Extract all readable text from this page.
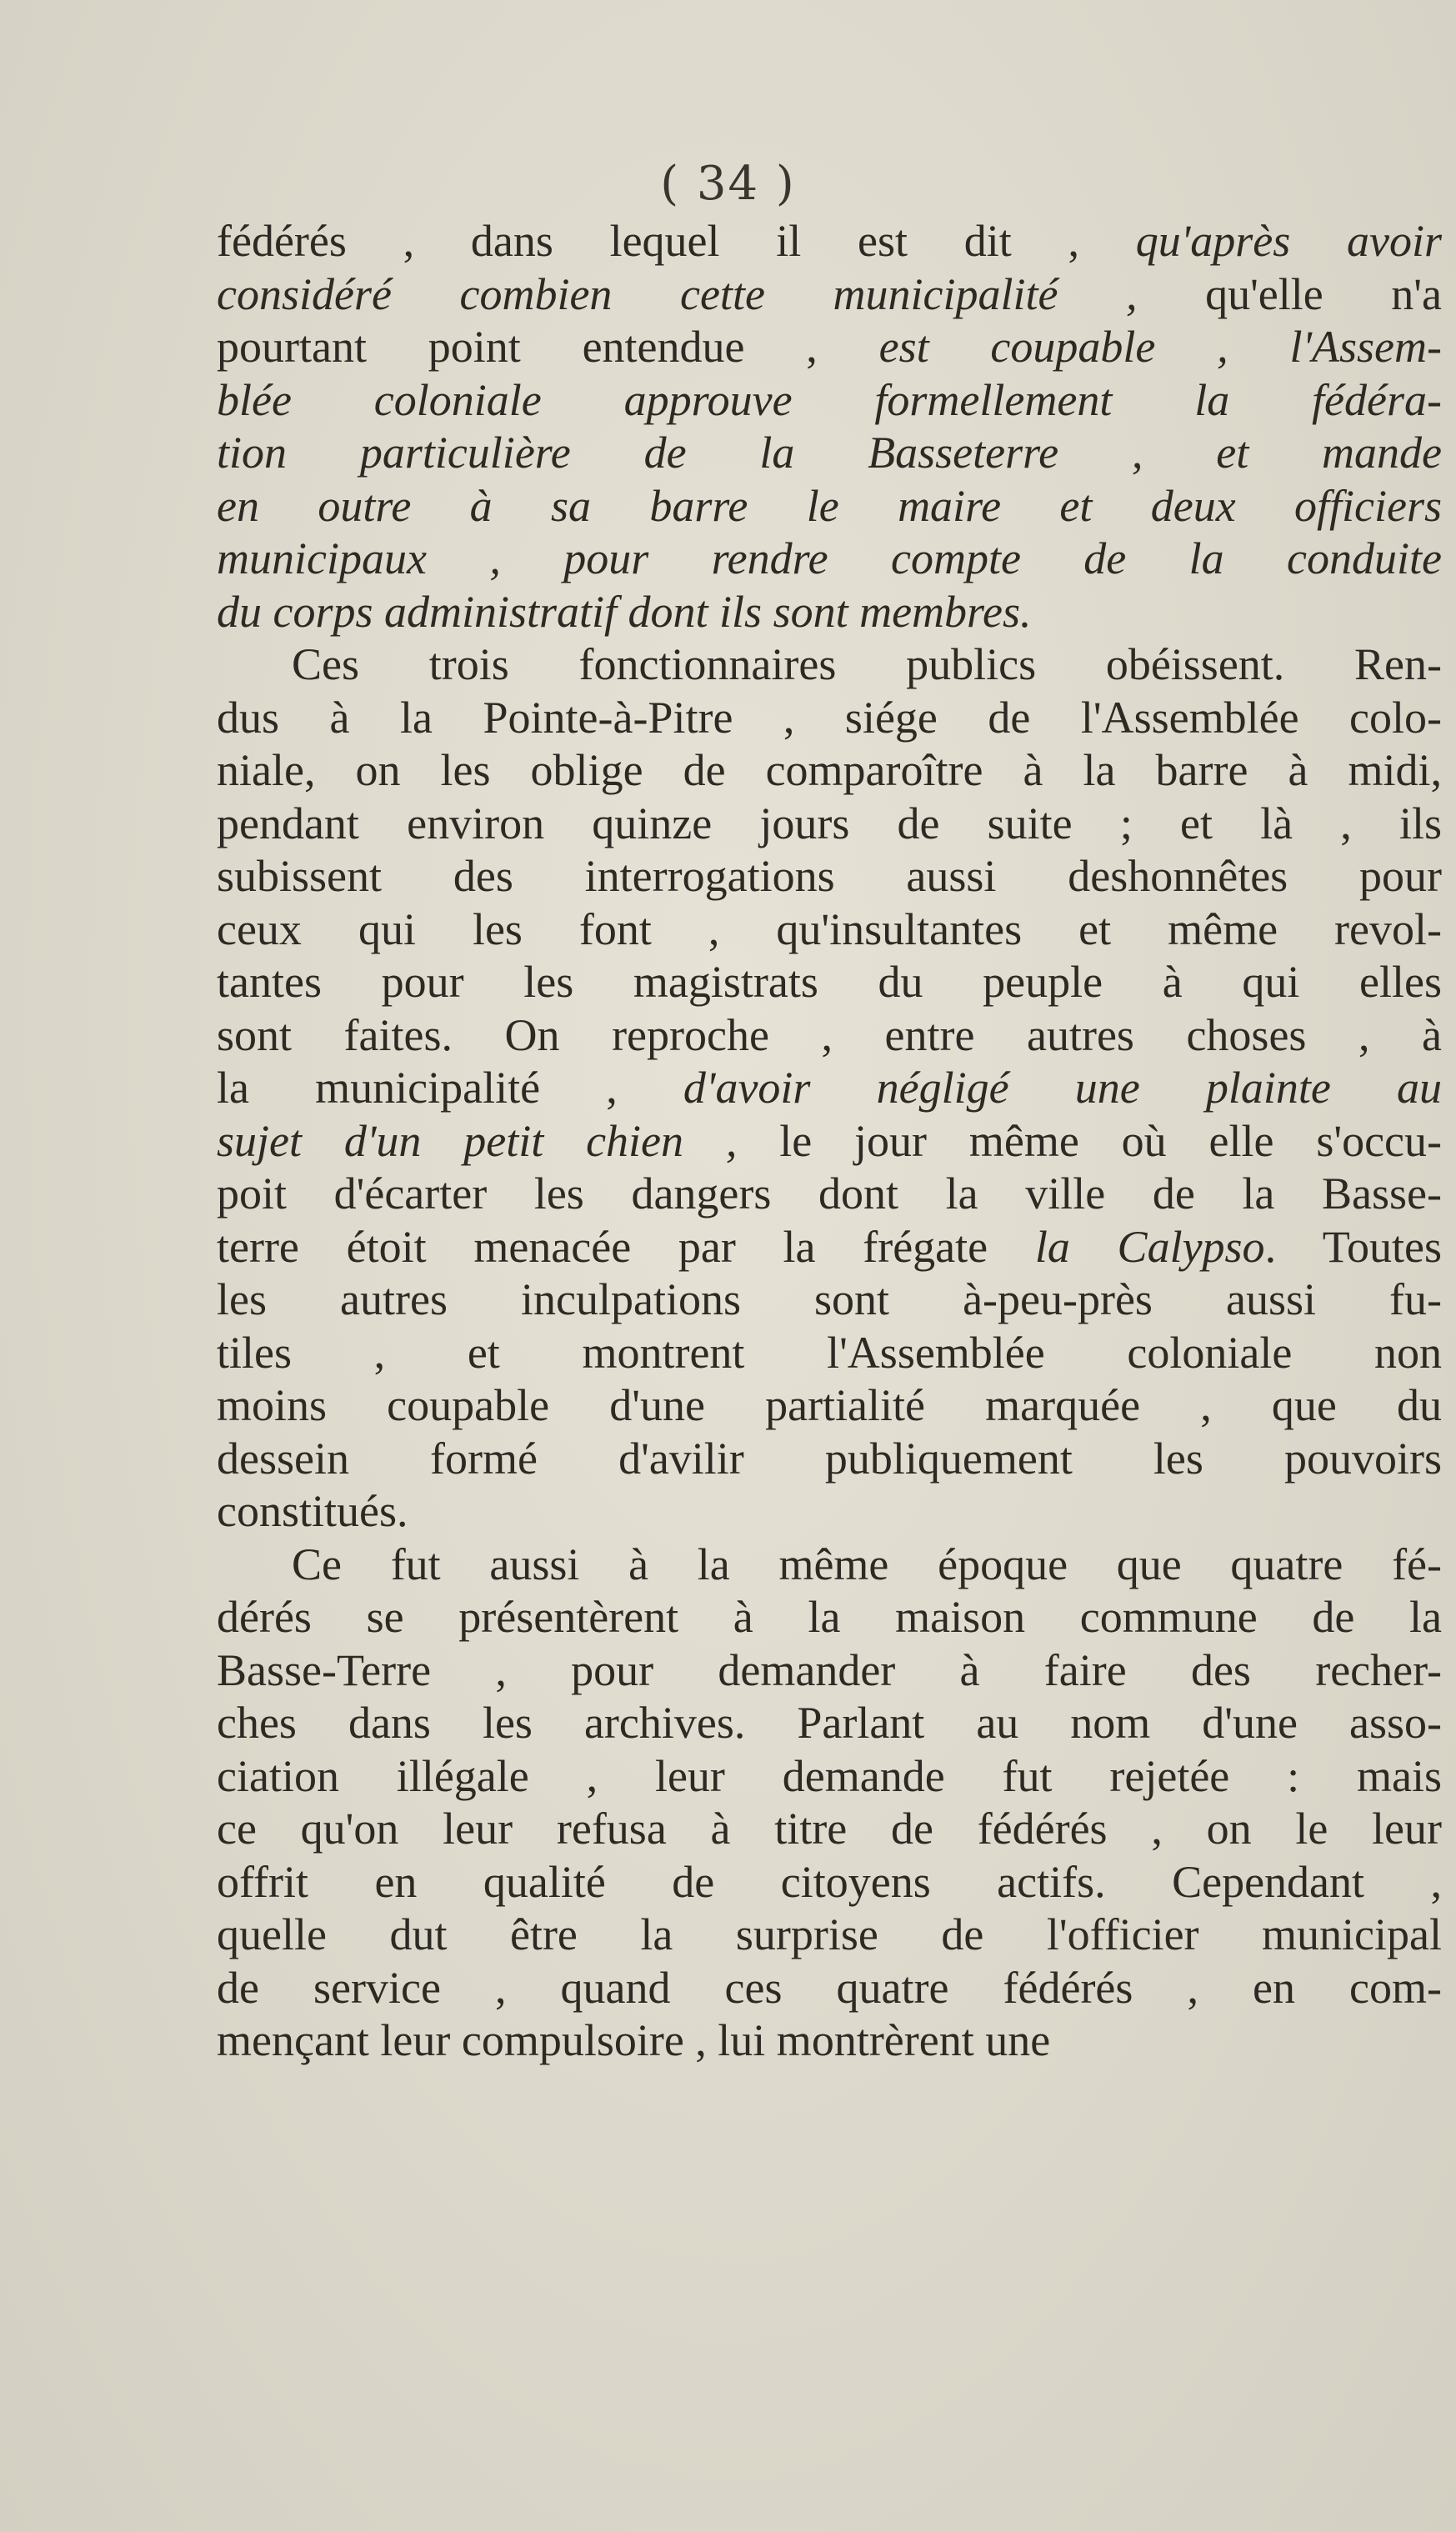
( 34 )
fédérés , dans lequel il est dit , qu'après avoir
considéré combien cette municipalité , qu'elle n'a
pourtant point entendue , est coupable , l'Assem-
blée coloniale approuve formellement la fédéra-
tion particulière de la Basseterre , et mande
en outre à sa barre le maire et deux officiers
municipaux , pour rendre compte de la conduite
du corps administratif dont ils sont membres.
Ces trois fonctionnaires publics obéissent. Ren-
dus à la Pointe-à-Pitre , siége de l'Assemblée colo-
niale, on les oblige de comparoître à la barre à midi,
pendant environ quinze jours de suite ; et là , ils
subissent des interrogations aussi deshonnêtes pour
ceux qui les font , qu'insultantes et même revol-
tantes pour les magistrats du peuple à qui elles
sont faites. On reproche , entre autres choses , à
la municipalité , d'avoir négligé une plainte au
sujet d'un petit chien , le jour même où elle s'occu-
poit d'écarter les dangers dont la ville de la Basse-
terre étoit menacée par la frégate la Calypso. Toutes
les autres inculpations sont à-peu-près aussi fu-
tiles , et montrent l'Assemblée coloniale non
moins coupable d'une partialité marquée , que du
dessein formé d'avilir publiquement les pouvoirs
constitués.
Ce fut aussi à la même époque que quatre fé-
dérés se présentèrent à la maison commune de la
Basse-Terre , pour demander à faire des recher-
ches dans les archives. Parlant au nom d'une asso-
ciation illégale , leur demande fut rejetée : mais
ce qu'on leur refusa à titre de fédérés , on le leur
offrit en qualité de citoyens actifs. Cependant ,
quelle dut être la surprise de l'officier municipal
de service , quand ces quatre fédérés , en com-
mençant leur compulsoire , lui montrèrent une
